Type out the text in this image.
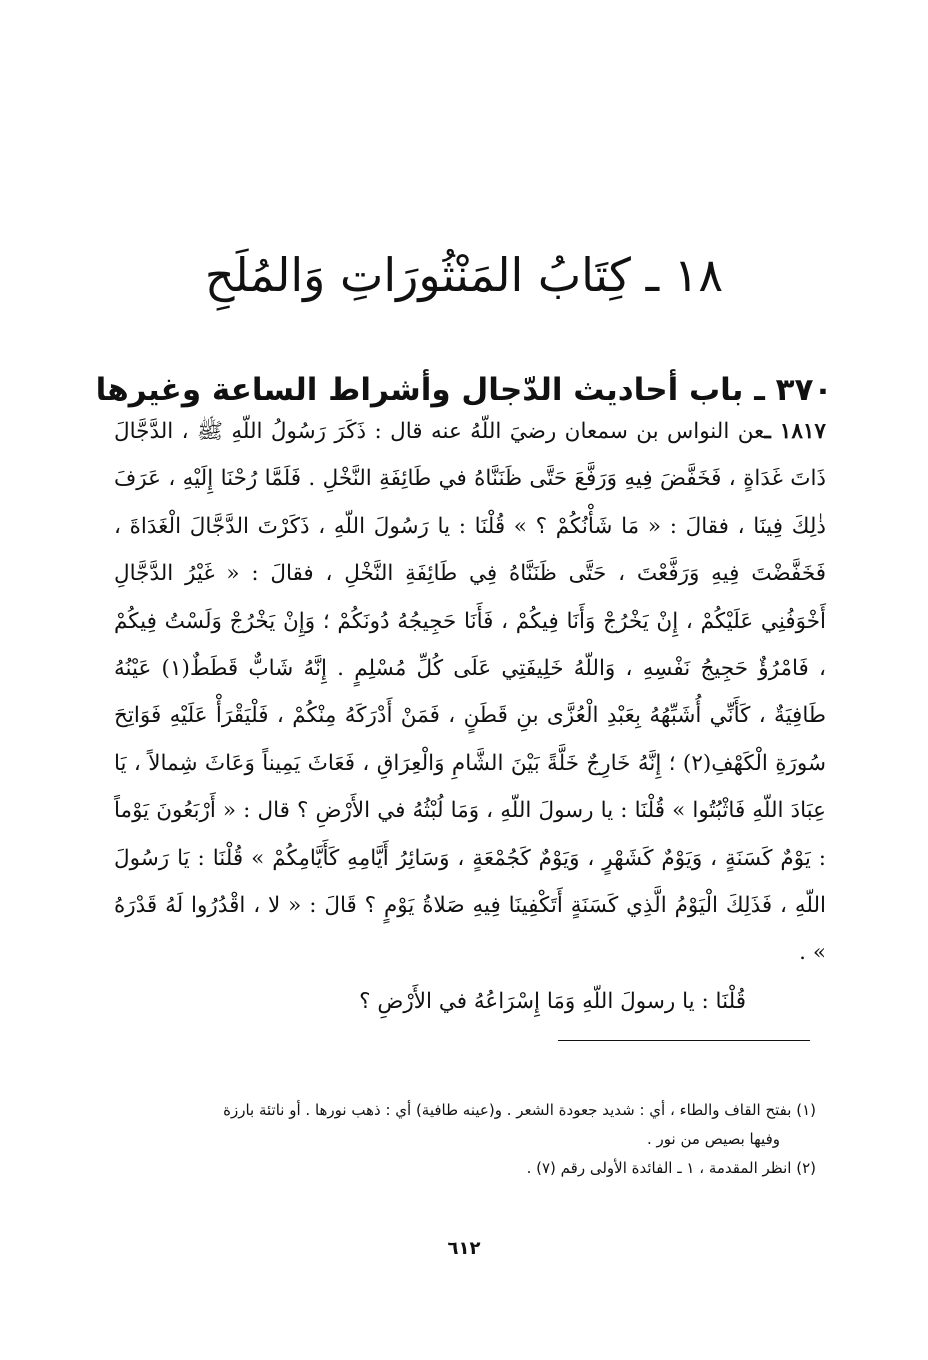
١٨ ـ كِتَابُ المَنْثُورَاتِ وَالمُلَحِ
٣٧٠ ـ باب أحاديث الدّجال وأشراط الساعة وغيرها

١٨١٧ ـعن النواس بن سمعان رضيَ اللّهُ عنه قال : ذَكَرَ رَسُولُ اللّهِ ﷺ ، الدَّجَّالَ ذَاتَ غَدَاةٍ ، فَخَفَّضَ فِيهِ وَرَفَّعَ حَتَّى ظَنَنَّاهُ في طَائِفَةِ النَّخْلِ . فَلَمَّا رُحْنَا إِلَيْهِ ، عَرَفَ ذٰلِكَ فِينَا ، فقالَ : « مَا شَأْنُكُمْ ؟ » قُلْنَا : يا رَسُولَ اللّهِ ، ذَكَرْتَ الدَّجَّالَ الْغَدَاةَ ، فَخَفَّضْتَ فِيهِ وَرَفَّعْتَ ، حَتَّى ظَنَنَّاهُ فِي طَائِفَةِ النَّخْلِ ، فقالَ : « غَيْرُ الدَّجَّالِ أَخْوَفُنِي عَلَيْكُمْ ، إِنْ يَخْرُجْ وَأَنَا فِيكُمْ ، فَأَنَا حَجِيجُهُ دُونَكُمْ ؛ وَإِنْ يَخْرُجْ وَلَسْتُ فِيكُمْ ، فَامْرُؤٌ حَجِيجُ نَفْسِهِ ، وَاللّهُ خَلِيفَتِي عَلَى كُلِّ مُسْلِمٍ . إِنَّهُ شَابٌّ قَطَطٌ(١) عَيْنُهُ طَافِيَةٌ ، كَأَنِّي أُشَبِّهُهُ بِعَبْدِ الْعُزَّى بنِ قَطَنٍ ، فَمَنْ أَدْرَكَهُ مِنْكُمْ ، فَلْيَقْرَأْ عَلَيْهِ فَوَاتِحَ سُورَةِ الْكَهْفِ(٢) ؛ إِنَّهُ خَارِجٌ خَلَّةً بَيْنَ الشَّامِ وَالْعِرَاقِ ، فَعَاثَ يَمِيناً وَعَاثَ شِمالاً ، يَا عِبَادَ اللّهِ فَاثْبُتُوا » قُلْنَا : يا رسولَ اللّهِ ، وَمَا لُبْثُهُ في الأَرْضِ ؟ قال : « أَرْبَعُونَ يَوْماً : يَوْمٌ كَسَنَةٍ ، وَيَوْمٌ كَشَهْرٍ ، وَيَوْمٌ كَجُمْعَةٍ ، وَسَائِرُ أَيَّامِهِ كَأَيَّامِكُمْ » قُلْنَا : يَا رَسُولَ اللّهِ ، فَذَلِكَ الْيَوْمُ الَّذِي كَسَنَةٍ أَتَكْفِينَا فِيهِ صَلاةُ يَوْمٍ ؟ قَالَ : « لا ، اقْدُرُوا لَهُ قَدْرَهُ » .

قُلْنَا : يا رسولَ اللّهِ وَمَا إِسْرَاعُهُ في الأَرْضِ ؟

(١) بفتح القاف والطاء ، أي : شديد جعودة الشعر . و(عينه طافية) أي : ذهب نورها . أو ناتئة بارزة

وفيها بصيص من نور .

(٢) انظر المقدمة ، ١ ـ الفائدة الأولى رقم (٧) .

٦١٢
